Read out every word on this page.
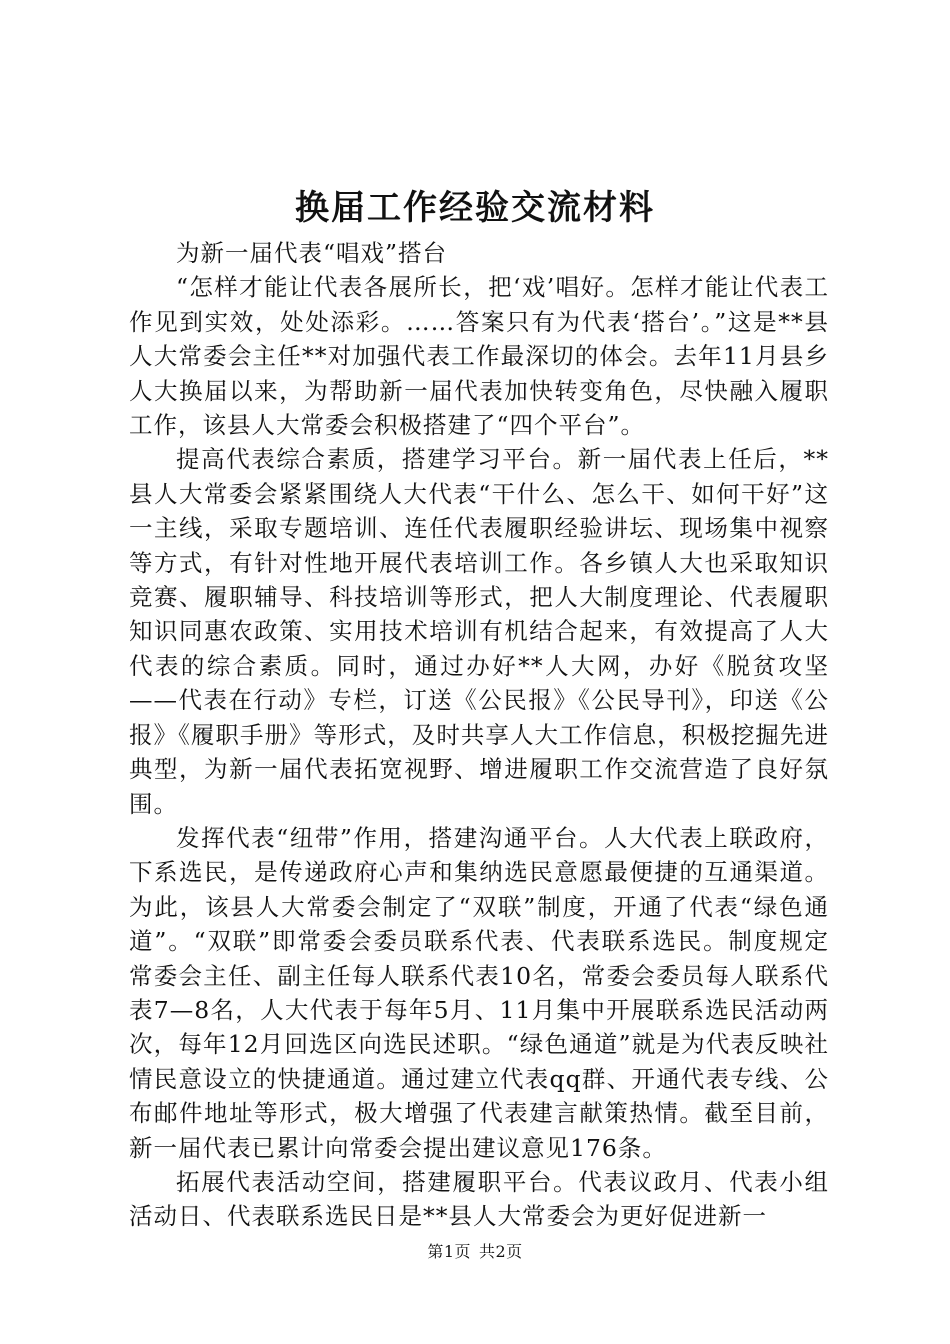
换届工作经验交流材料

为新一届代表“唱戏”搭台

“怎样才能让代表各展所长，把‘戏’唱好。怎样才能让代表工作见到实效，处处添彩。……答案只有为代表‘搭台’。”这是**县人大常委会主任**对加强代表工作最深切的体会。去年11月县乡人大换届以来，为帮助新一届代表加快转变角色，尽快融入履职工作，该县人大常委会积极搭建了“四个平台”。

提高代表综合素质，搭建学习平台。新一届代表上任后，**县人大常委会紧紧围绕人大代表“干什么、怎么干、如何干好”这一主线，采取专题培训、连任代表履职经验讲坛、现场集中视察等方式，有针对性地开展代表培训工作。各乡镇人大也采取知识竞赛、履职辅导、科技培训等形式，把人大制度理论、代表履职知识同惠农政策、实用技术培训有机结合起来，有效提高了人大代表的综合素质。同时，通过办好**人大网，办好《脱贫攻坚——代表在行动》专栏，订送《公民报》《公民导刊》，印送《公报》《履职手册》等形式，及时共享人大工作信息，积极挖掘先进典型，为新一届代表拓宽视野、增进履职工作交流营造了良好氛围。

发挥代表“纽带”作用，搭建沟通平台。人大代表上联政府，下系选民，是传递政府心声和集纳选民意愿最便捷的互通渠道。为此，该县人大常委会制定了“双联”制度，开通了代表“绿色通道”。“双联”即常委会委员联系代表、代表联系选民。制度规定常委会主任、副主任每人联系代表10名，常委会委员每人联系代表7—8名，人大代表于每年5月、11月集中开展联系选民活动两次，每年12月回选区向选民述职。“绿色通道”就是为代表反映社情民意设立的快捷通道。通过建立代表qq群、开通代表专线、公布邮件地址等形式，极大增强了代表建言献策热情。截至目前，新一届代表已累计向常委会提出建议意见176条。

拓展代表活动空间，搭建履职平台。代表议政月、代表小组活动日、代表联系选民日是**县人大常委会为更好促进新一

第1页 共2页
